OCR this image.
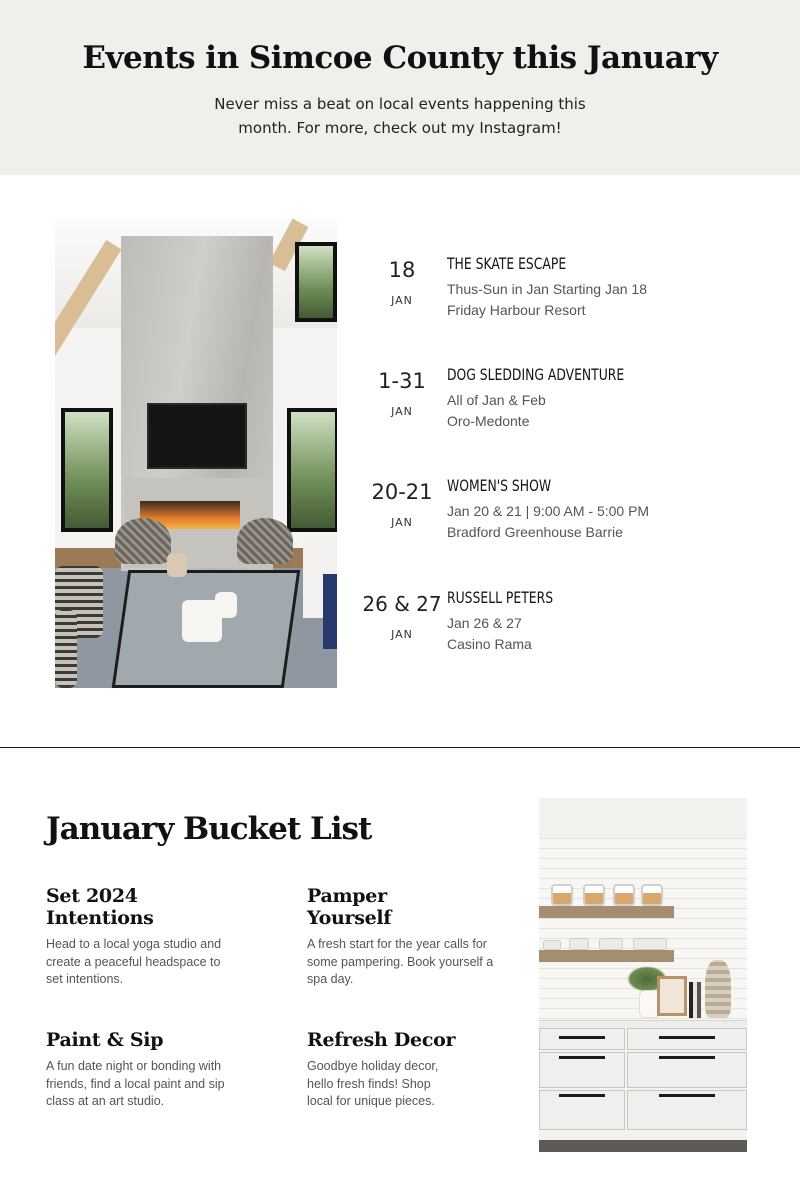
Events in Simcoe County this January

Never miss a beat on local events happening this month. For more, check out my Instagram!

18
JAN
THE SKATE ESCAPE
Thus-Sun in Jan Starting Jan 18
Friday Harbour Resort
1-31
JAN
DOG SLEDDING ADVENTURE
All of Jan & Feb
Oro-Medonte
20-21
JAN
WOMEN'S SHOW
Jan 20 & 21 | 9:00 AM - 5:00 PM
Bradford Greenhouse Barrie
26 & 27
JAN
RUSSELL PETERS
Jan 26 & 27
Casino Rama
January Bucket List
Set 2024 Intentions

Head to a local yoga studio and create a peaceful headspace to set intentions.

Pamper Yourself

A fresh start for the year calls for some pampering. Book yourself a spa day.

Paint & Sip

A fun date night or bonding with friends, find a local paint and sip class at an art studio.

Refresh Decor

Goodbye holiday decor, hello fresh finds! Shop local for unique pieces.
